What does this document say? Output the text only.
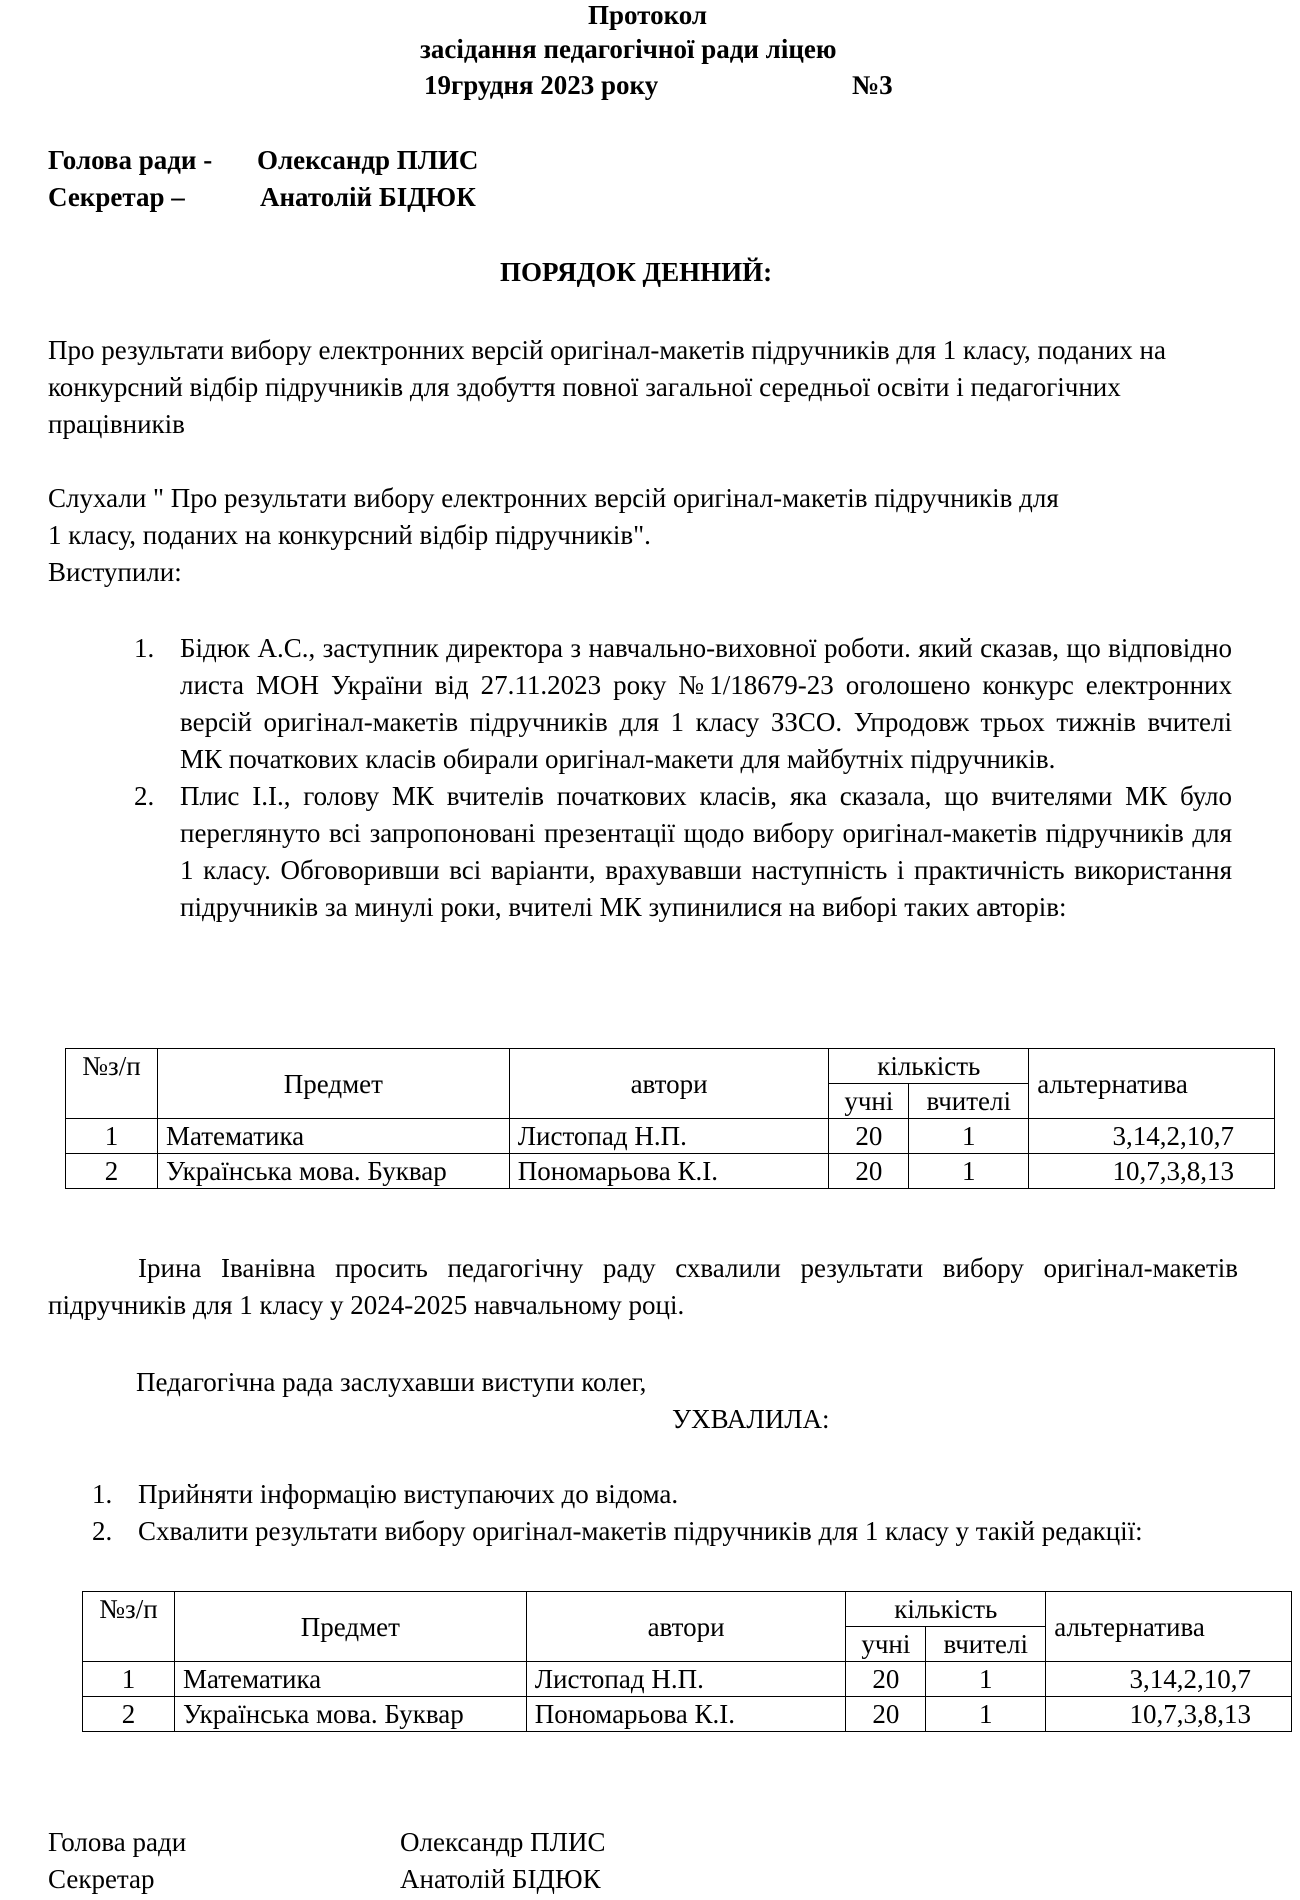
Протокол
засідання педагогічної ради ліцею
19грудня 2023 року	№3
Голова ради - Олександр ПЛИС
Секретар –	Анатолій БІДЮК
ПОРЯДОК ДЕННИЙ:
Про результати вибору електронних версій оригінал-макетів підручників для 1 класу, поданих на конкурсний відбір підручників для здобуття повної загальної середньої освіти і педагогічних працівників
Слухали " Про результати вибору електронних версій оригінал-макетів підручників для
1 класу, поданих на конкурсний відбір підручників".
Виступили:
1. Бідюк А.С., заступник директора з навчально-виховної роботи. який сказав, що відповідно листа МОН України від 27.11.2023 року №1/18679-23 оголошено конкурс електронних версій оригінал-макетів підручників для 1 класу ЗЗСО. Упродовж трьох тижнів вчителі МК початкових класів обирали оригінал-макети для майбутніх підручників.
2. Плис І.І., голову МК вчителів початкових класів, яка сказала, що вчителями МК було переглянуто всі запропоновані презентації щодо вибору оригінал-макетів підручників для 1 класу. Обговоривши всі варіанти, врахувавши наступність і практичність використання підручників за минулі роки, вчителі МК зупинилися на виборі таких авторів:
№з/п	Предмет	автори	кількість		альтернатива
			учні	вчителі	
1	Математика	Листопад Н.П.	20	1	3,14,2,10,7
2	Українська мова. Буквар	Пономарьова К.І.	20	1	10,7,3,8,13
Ірина Іванівна просить педагогічну раду схвалили результати вибору оригінал-макетів підручників для 1 класу у 2024-2025 навчальному році.
Педагогічна рада заслухавши виступи колег,
УХВАЛИЛА:
1. Прийняти інформацію виступаючих до відома.
2. Схвалити результати вибору оригінал-макетів підручників для 1 класу у такій редакції:
№з/п	Предмет	автори	кількість		альтернатива
			учні	вчителі	
1	Математика	Листопад Н.П.	20	1	3,14,2,10,7
2	Українська мова. Буквар	Пономарьова К.І.	20	1	10,7,3,8,13
Голова ради	Олександр ПЛИС
Секретар	Анатолій БІДЮК
